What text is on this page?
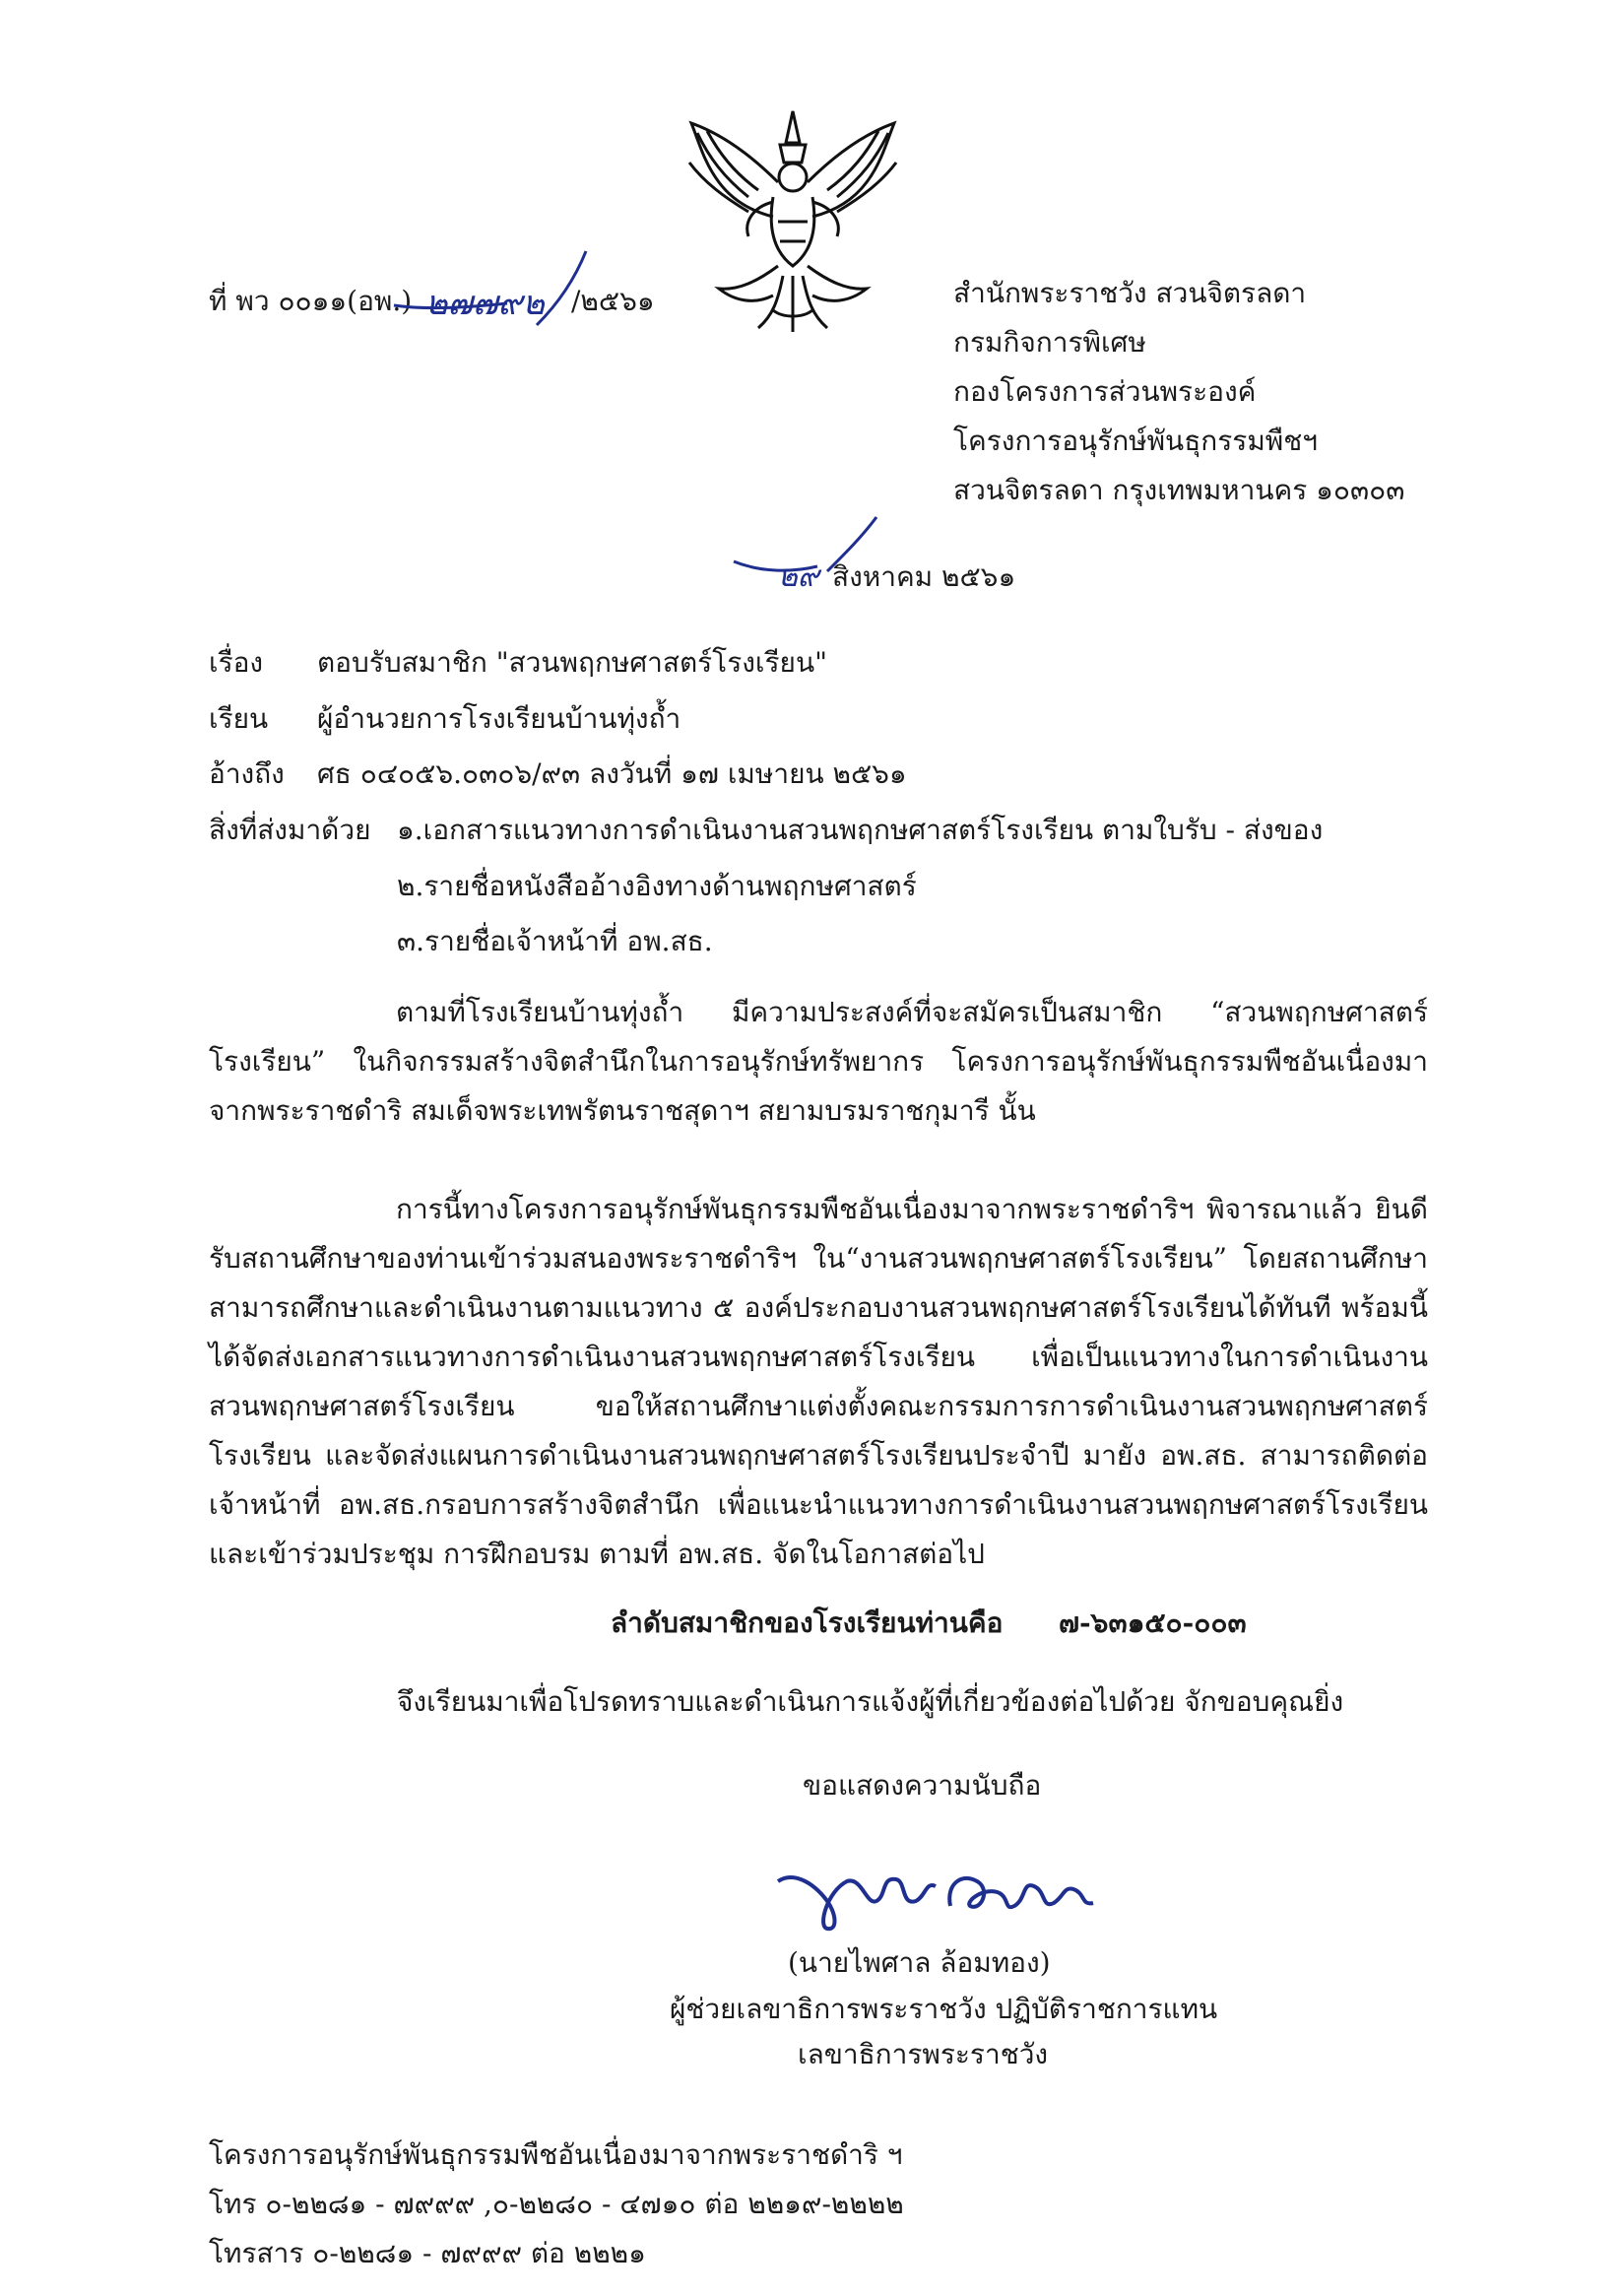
ที่ พว ๐๐๑๑(อพ.) ๒๗๗๙๒ /๒๕๖๑	สำนักพระราชวัง สวนจิตรลดา
กรมกิจการพิเศษ
กองโครงการส่วนพระองค์
โครงการอนุรักษ์พันธุกรรมพืชฯ
สวนจิตรลดา กรุงเทพมหานคร ๑๐๓๐๓
๒๙ สิงหาคม ๒๕๖๑
เรื่อง ตอบรับสมาชิก "สวนพฤกษศาสตร์โรงเรียน"
เรียน ผู้อำนวยการโรงเรียนบ้านทุ่งถ้ำ
อ้างถึง ศธ ๐๔๐๕๖.๐๓๐๖/๙๓ ลงวันที่ ๑๗ เมษายน ๒๕๖๑
สิ่งที่ส่งมาด้วย ๑.เอกสารแนวทางการดำเนินงานสวนพฤกษศาสตร์โรงเรียน ตามใบรับ - ส่งของ
๒.รายชื่อหนังสืออ้างอิงทางด้านพฤกษศาสตร์
๓.รายชื่อเจ้าหน้าที่ อพ.สธ.
ตามที่โรงเรียนบ้านทุ่งถ้ำ มีความประสงค์ที่จะสมัครเป็นสมาชิก “สวนพฤกษศาสตร์โรงเรียน” ในกิจกรรมสร้างจิตสำนึกในการอนุรักษ์ทรัพยากร โครงการอนุรักษ์พันธุกรรมพืชอันเนื่องมาจากพระราชดำริ สมเด็จพระเทพรัตนราชสุดาฯ สยามบรมราชกุมารี นั้น
การนี้ทางโครงการอนุรักษ์พันธุกรรมพืชอันเนื่องมาจากพระราชดำริฯ พิจารณาแล้ว ยินดีรับสถานศึกษาของท่านเข้าร่วมสนองพระราชดำริฯ ใน“งานสวนพฤกษศาสตร์โรงเรียน” โดยสถานศึกษาสามารถศึกษาและดำเนินงานตามแนวทาง ๕ องค์ประกอบงานสวนพฤกษศาสตร์โรงเรียนได้ทันที พร้อมนี้ได้จัดส่งเอกสารแนวทางการดำเนินงานสวนพฤกษศาสตร์โรงเรียน เพื่อเป็นแนวทางในการดำเนินงานสวนพฤกษศาสตร์โรงเรียน ขอให้สถานศึกษาแต่งตั้งคณะกรรมการการดำเนินงานสวนพฤกษศาสตร์โรงเรียน และจัดส่งแผนการดำเนินงานสวนพฤกษศาสตร์โรงเรียนประจำปี มายัง อพ.สธ. สามารถติดต่อเจ้าหน้าที่ อพ.สธ.กรอบการสร้างจิตสำนึก เพื่อแนะนำแนวทางการดำเนินงานสวนพฤกษศาสตร์โรงเรียน และเข้าร่วมประชุม การฝึกอบรม ตามที่ อพ.สธ. จัดในโอกาสต่อไป
ลำดับสมาชิกของโรงเรียนท่านคือ ๗-๖๓๑๕๐-๐๐๓
จึงเรียนมาเพื่อโปรดทราบและดำเนินการแจ้งผู้ที่เกี่ยวข้องต่อไปด้วย จักขอบคุณยิ่ง
ขอแสดงความนับถือ
(นายไพศาล ล้อมทอง)
ผู้ช่วยเลขาธิการพระราชวัง ปฏิบัติราชการแทน
เลขาธิการพระราชวัง
โครงการอนุรักษ์พันธุกรรมพืชอันเนื่องมาจากพระราชดำริ ฯ
โทร ๐-๒๒๘๑ - ๗๙๙๙ ,๐-๒๒๘๐ - ๔๗๑๐ ต่อ ๒๒๑๙-๒๒๒๒
โทรสาร ๐-๒๒๘๑ - ๗๙๙๙ ต่อ ๒๒๒๑
